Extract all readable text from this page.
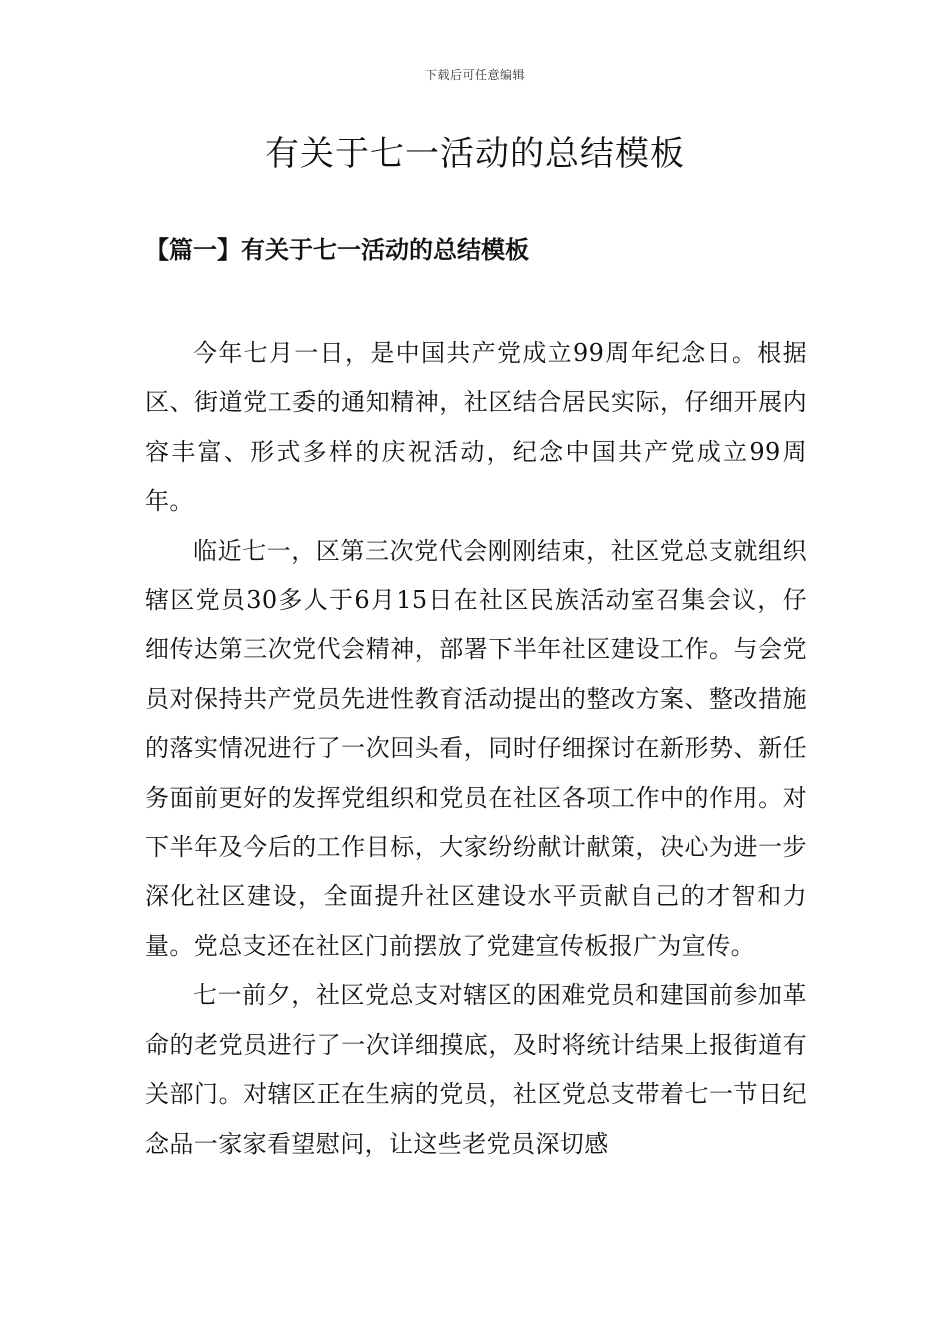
下载后可任意编辑
有关于七一活动的总结模板
【篇一】有关于七一活动的总结模板

今年七月一日，是中国共产党成立99周年纪念日。根据区、街道党工委的通知精神，社区结合居民实际，仔细开展内容丰富、形式多样的庆祝活动，纪念中国共产党成立99周年。

临近七一，区第三次党代会刚刚结束，社区党总支就组织辖区党员30多人于6月15日在社区民族活动室召集会议，仔细传达第三次党代会精神，部署下半年社区建设工作。与会党员对保持共产党员先进性教育活动提出的整改方案、整改措施的落实情况进行了一次回头看，同时仔细探讨在新形势、新任务面前更好的发挥党组织和党员在社区各项工作中的作用。对下半年及今后的工作目标，大家纷纷献计献策，决心为进一步深化社区建设，全面提升社区建设水平贡献自己的才智和力量。党总支还在社区门前摆放了党建宣传板报广为宣传。

七一前夕，社区党总支对辖区的困难党员和建国前参加革命的老党员进行了一次详细摸底，及时将统计结果上报街道有关部门。对辖区正在生病的党员，社区党总支带着七一节日纪念品一家家看望慰问，让这些老党员深切感
